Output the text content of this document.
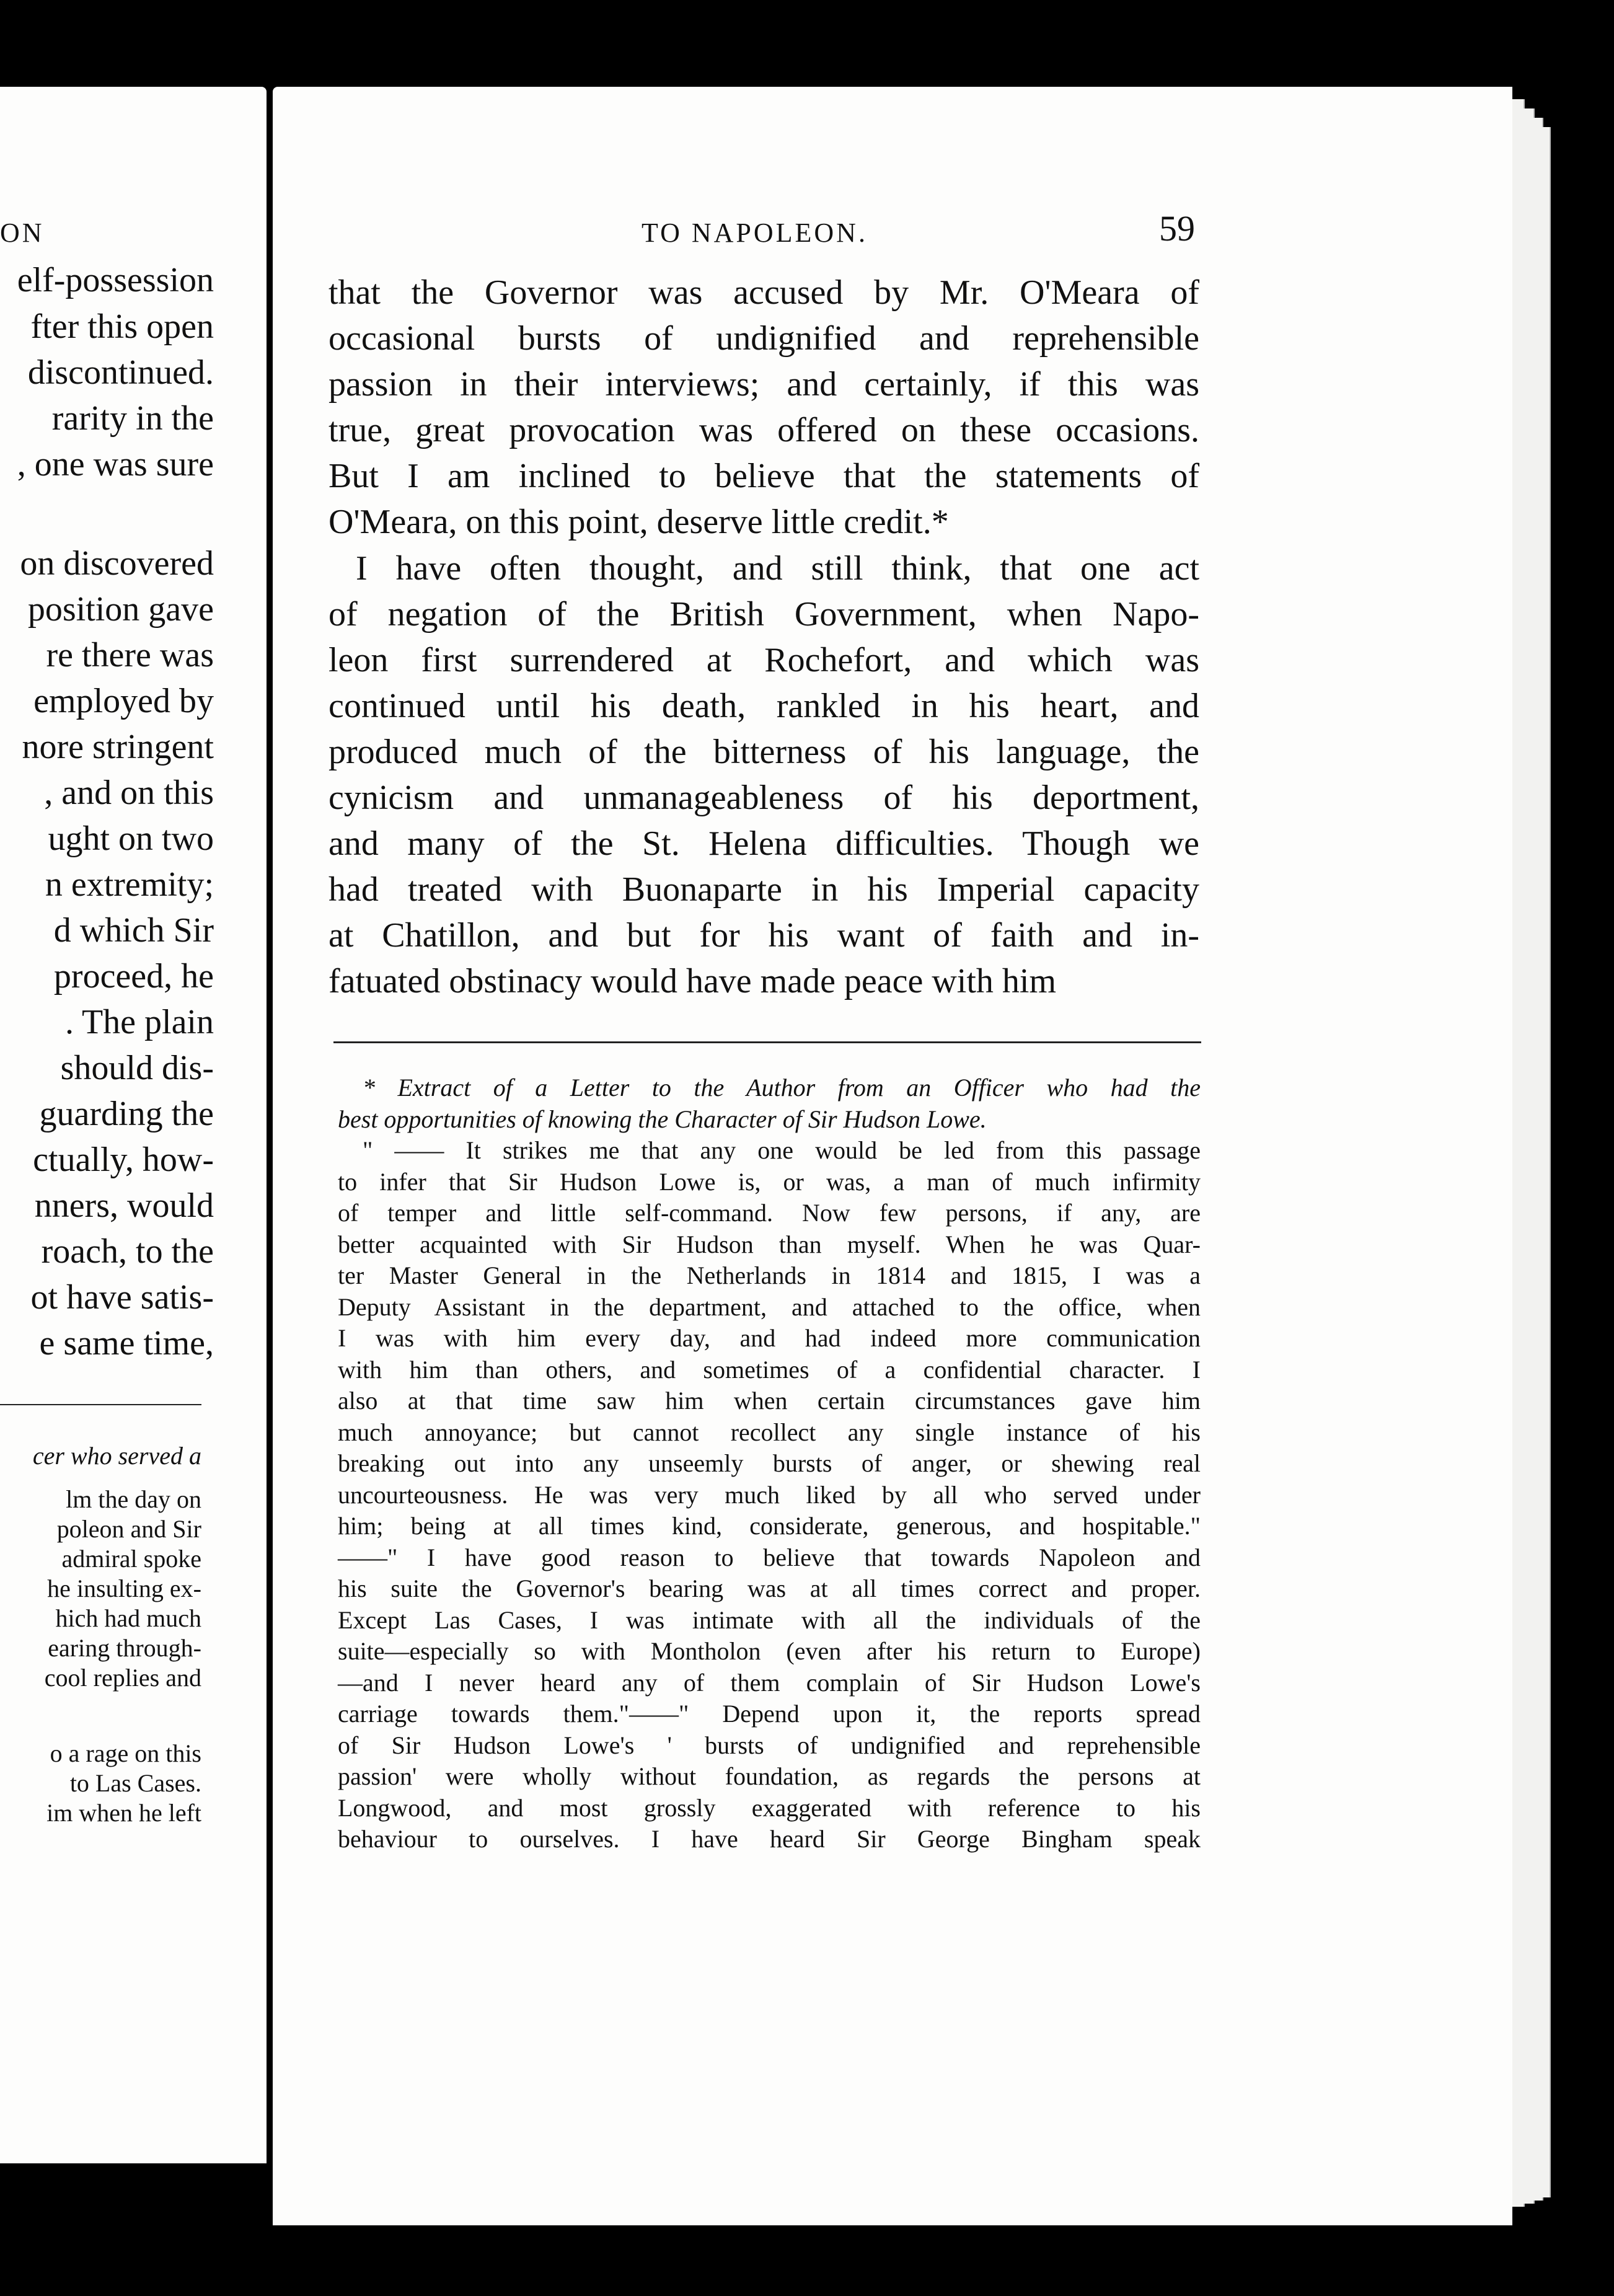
ON
elf-possession
fter this open
discontinued.
rarity in the
, one was sure
on discovered
position gave
re there was
employed by
nore stringent
, and on this
ught on two
n extremity;
d which Sir
proceed, he
. The plain
should dis-
guarding the
ctually, how-
nners, would
roach, to the
ot have satis-
e same time,
cer who served a
lm the day on
poleon and Sir
admiral spoke
he insulting ex-
hich had much
earing through-
cool replies and
o a rage on this
to Las Cases.
im when he left
TO NAPOLEON.	59
that the Governor was accused by Mr. O'Meara of
occasional bursts of undignified and reprehensible
passion in their interviews; and certainly, if this was
true, great provocation was offered on these occasions.
But I am inclined to believe that the statements of
O'Meara, on this point, deserve little credit.*
I have often thought, and still think, that one act
of negation of the British Government, when Napo-
leon first surrendered at Rochefort, and which was
continued until his death, rankled in his heart, and
produced much of the bitterness of his language, the
cynicism and unmanageableness of his deportment,
and many of the St. Helena difficulties. Though we
had treated with Buonaparte in his Imperial capacity
at Chatillon, and but for his want of faith and in-
fatuated obstinacy would have made peace with him
* Extract of a Letter to the Author from an Officer who had the
best opportunities of knowing the Character of Sir Hudson Lowe.
" —— It strikes me that any one would be led from this passage
to infer that Sir Hudson Lowe is, or was, a man of much infirmity
of temper and little self-command. Now few persons, if any, are
better acquainted with Sir Hudson than myself. When he was Quar-
ter Master General in the Netherlands in 1814 and 1815, I was a
Deputy Assistant in the department, and attached to the office, when
I was with him every day, and had indeed more communication
with him than others, and sometimes of a confidential character. I
also at that time saw him when certain circumstances gave him
much annoyance; but cannot recollect any single instance of his
breaking out into any unseemly bursts of anger, or shewing real
uncourteousness. He was very much liked by all who served under
him; being at all times kind, considerate, generous, and hospitable."
——" I have good reason to believe that towards Napoleon and
his suite the Governor's bearing was at all times correct and proper.
Except Las Cases, I was intimate with all the individuals of the
suite—especially so with Montholon (even after his return to Europe)
—and I never heard any of them complain of Sir Hudson Lowe's
carriage towards them."——" Depend upon it, the reports spread
of Sir Hudson Lowe's ' bursts of undignified and reprehensible
passion' were wholly without foundation, as regards the persons at
Longwood, and most grossly exaggerated with reference to his
behaviour to ourselves. I have heard Sir George Bingham speak
